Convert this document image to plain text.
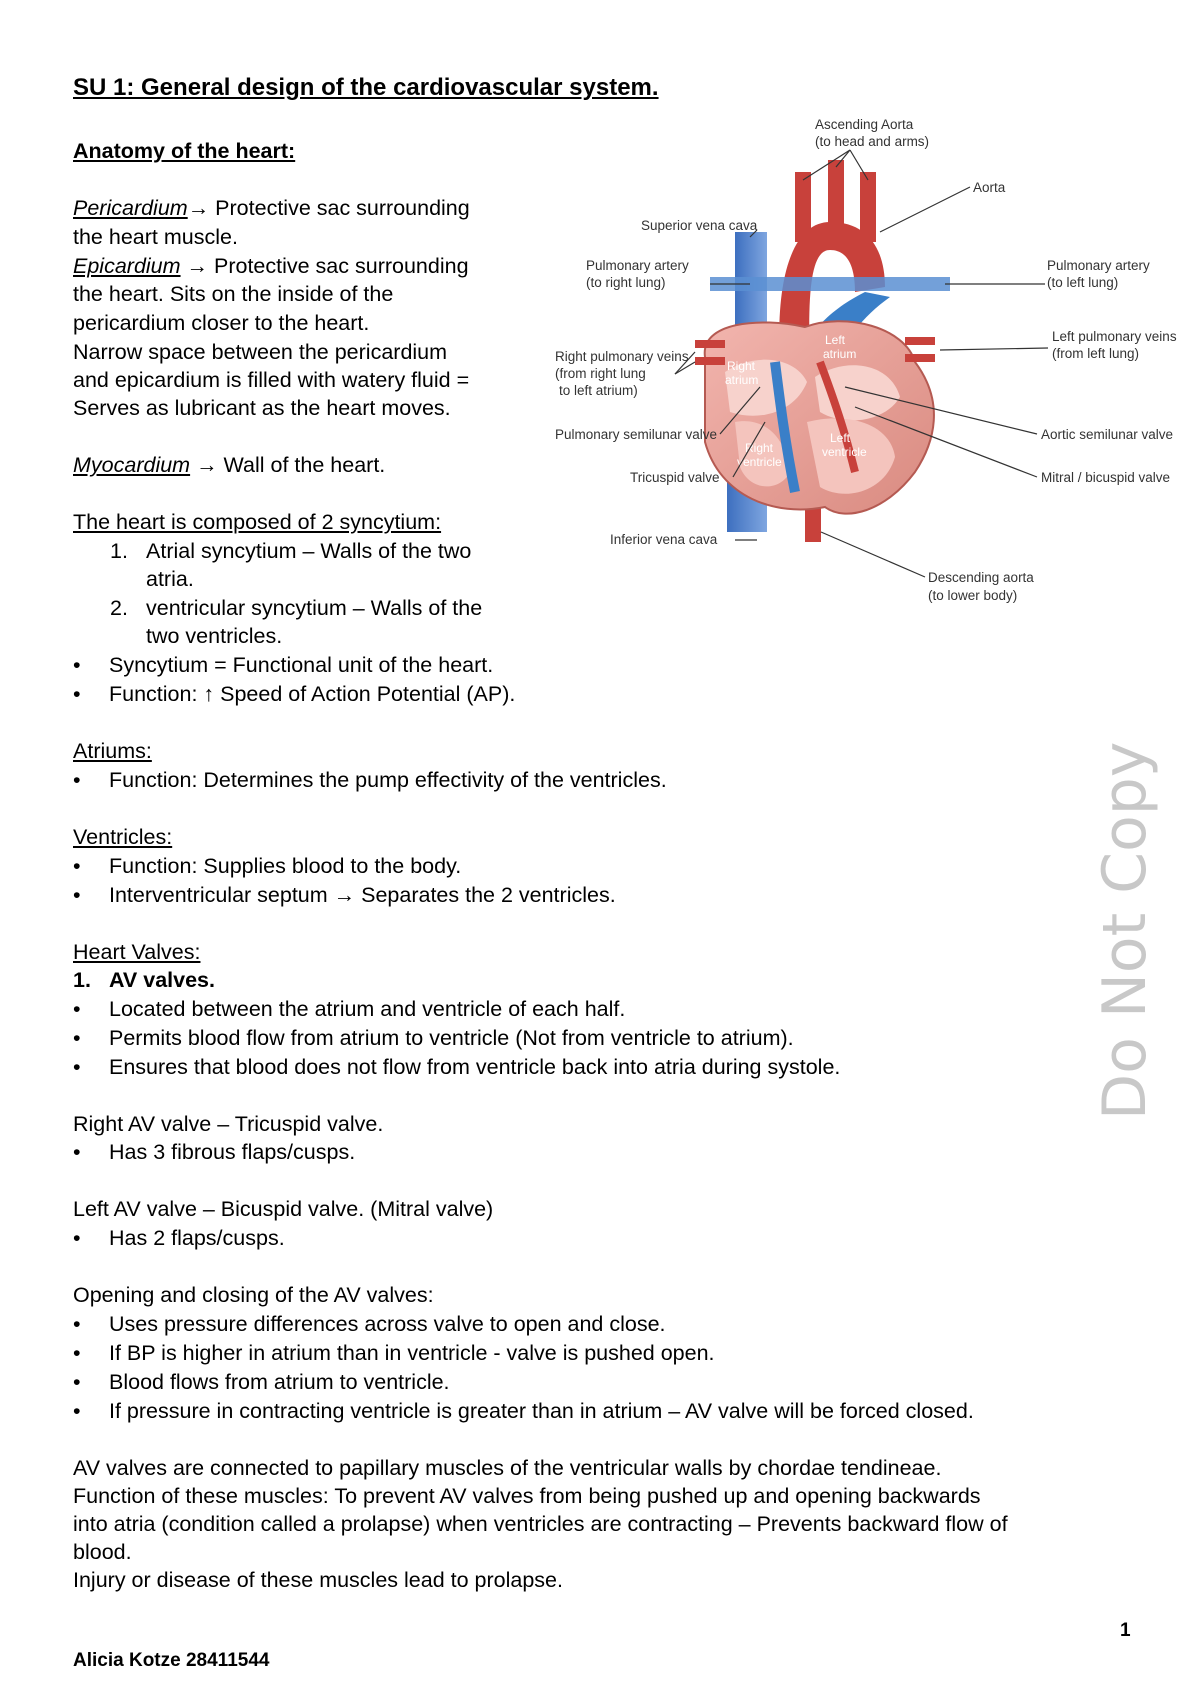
SU 1: General design of the cardiovascular system.
Anatomy of the heart:
Pericardium→ Protective sac surrounding
the heart muscle.
Epicardium → Protective sac surrounding
the heart. Sits on the inside of the
pericardium closer to the heart.
Narrow space between the pericardium
and epicardium is filled with watery fluid =
Serves as lubricant as the heart moves.
Myocardium → Wall of the heart.
The heart is composed of 2 syncytium:
1. Atrial syncytium – Walls of the two
atria.
2. ventricular syncytium – Walls of the
two ventricles.
• Syncytium = Functional unit of the heart.
• Function: ↑ Speed of Action Potential (AP).
Atriums:
• Function: Determines the pump effectivity of the ventricles.
Ventricles:
• Function: Supplies blood to the body.
• Interventricular septum → Separates the 2 ventricles.
Heart Valves:
1. AV valves.
• Located between the atrium and ventricle of each half.
• Permits blood flow from atrium to ventricle (Not from ventricle to atrium).
• Ensures that blood does not flow from ventricle back into atria during systole.
Right AV valve – Tricuspid valve.
• Has 3 fibrous flaps/cusps.
Left AV valve – Bicuspid valve. (Mitral valve)
• Has 2 flaps/cusps.
Opening and closing of the AV valves:
• Uses pressure differences across valve to open and close.
• If BP is higher in atrium than in ventricle - valve is pushed open.
• Blood flows from atrium to ventricle.
• If pressure in contracting ventricle is greater than in atrium – AV valve will be forced closed.
AV valves are connected to papillary muscles of the ventricular walls by chordae tendineae.
Function of these muscles: To prevent AV valves from being pushed up and opening backwards
into atria (condition called a prolapse) when ventricles are contracting – Prevents backward flow of
blood.
Injury or disease of these muscles lead to prolapse.
Do Not Copy
1
Alicia Kotze 28411544
Right
atrium
Left
atrium
Right
ventricle
Left
ventricle
Ascending Aorta
(to head and arms)
Aorta
Superior vena cava
Pulmonary artery
(to right lung)
Pulmonary artery
(to left lung)
Left pulmonary veins
(from left lung)
Right pulmonary veins
(from right lung
to left atrium)
Pulmonary semilunar valve	Aortic semilunar valve
Tricuspid valve	Mitral / bicuspid valve
Inferior vena cava
Descending aorta
(to lower body)
